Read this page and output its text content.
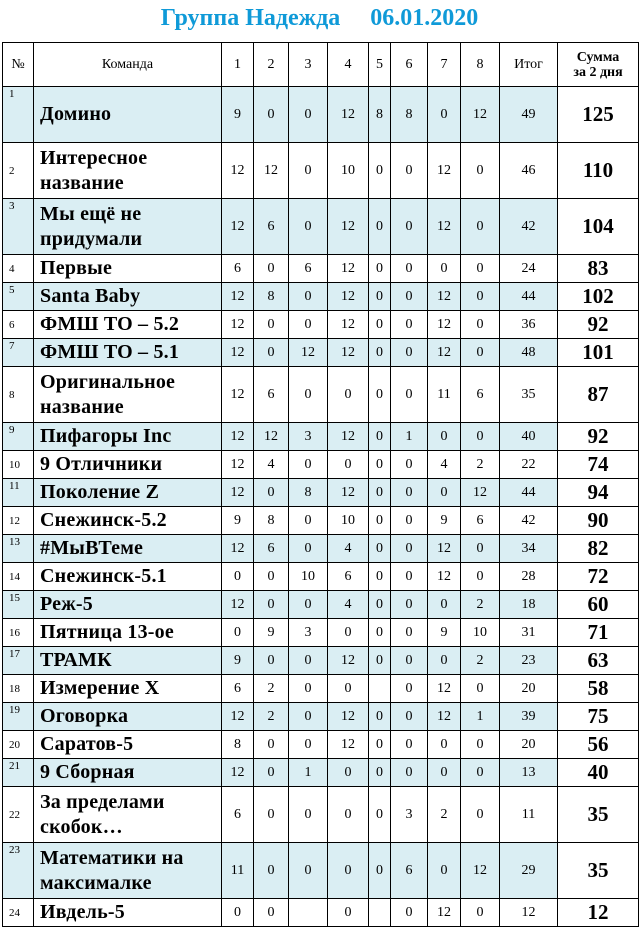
Группа Надежда     06.01.2020
№	Команда	1	2	3	4	5	6	7	8	Итог	Сумма
за 2 дня
1	Домино	9	0	0	12	8	8	0	12	49	125
2	Интересное
название	12	12	0	10	0	0	12	0	46	110
3	Мы ещё не
придумали	12	6	0	12	0	0	12	0	42	104
4	Первые	6	0	6	12	0	0	0	0	24	83
5	Santa Baby	12	8	0	12	0	0	12	0	44	102
6	ФМШ ТО – 5.2	12	0	0	12	0	0	12	0	36	92
7	ФМШ ТО – 5.1	12	0	12	12	0	0	12	0	48	101
8	Оригинальное
название	12	6	0	0	0	0	11	6	35	87
9	Пифагоры Inc	12	12	3	12	0	1	0	0	40	92
10	9 Отличники	12	4	0	0	0	0	4	2	22	74
11	Поколение Z	12	0	8	12	0	0	0	12	44	94
12	Снежинск-5.2	9	8	0	10	0	0	9	6	42	90
13	#МыВТеме	12	6	0	4	0	0	12	0	34	82
14	Снежинск-5.1	0	0	10	6	0	0	12	0	28	72
15	Реж-5	12	0	0	4	0	0	0	2	18	60
16	Пятница 13-ое	0	9	3	0	0	0	9	10	31	71
17	ТРАМК	9	0	0	12	0	0	0	2	23	63
18	Измерение X	6	2	0	0		0	12	0	20	58
19	Оговорка	12	2	0	12	0	0	12	1	39	75
20	Саратов-5	8	0	0	12	0	0	0	0	20	56
21	9 Сборная	12	0	1	0	0	0	0	0	13	40
22	За пределами
скобок…	6	0	0	0	0	3	2	0	11	35
23	Математики на
максималке	11	0	0	0	0	6	0	12	29	35
24	Ивдель-5	0	0		0		0	12	0	12	12
